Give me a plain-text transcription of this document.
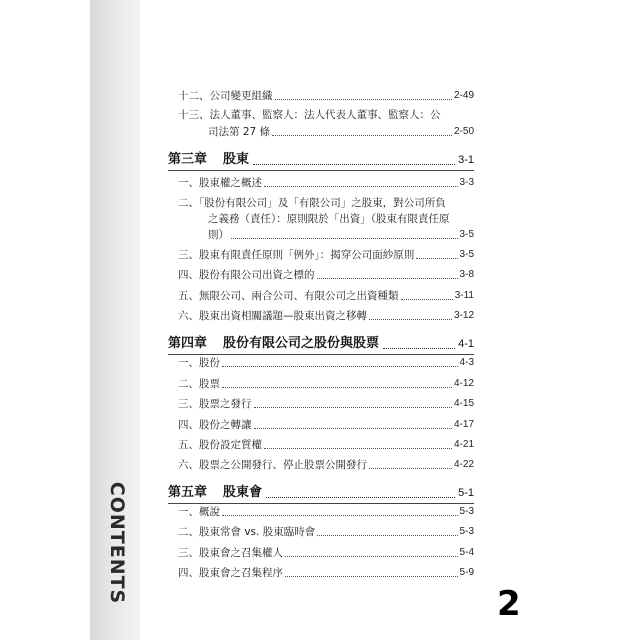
CONTENTS	2
十二、公司變更組織	2-49
十三、法人董事、監察人：法人代表人董事、監察人：公
司法第 27 條	2-50
第三章 股東	3-1
一、股東權之概述	3-3
二、「股份有限公司」及「有限公司」之股東，對公司所負
之義務（責任）：原則限於「出資」（股東有限責任原
則）	3-5
三、股東有限責任原則「例外」：揭穿公司面紗原則	3-5
四、股份有限公司出資之標的	3-8
五、無限公司、兩合公司、有限公司之出資種類	3-11
六、股東出資相關議題—股東出資之移轉	3-12
第四章 股份有限公司之股份與股票	4-1
一、股份	4-3
二、股票	4-12
三、股票之發行	4-15
四、股份之轉讓	4-17
五、股份設定質權	4-21
六、股票之公開發行、停止股票公開發行	4-22
第五章 股東會	5-1
一、概說	5-3
二、股東常會 vs. 股東臨時會	5-3
三、股東會之召集權人	5-4
四、股東會之召集程序	5-9
